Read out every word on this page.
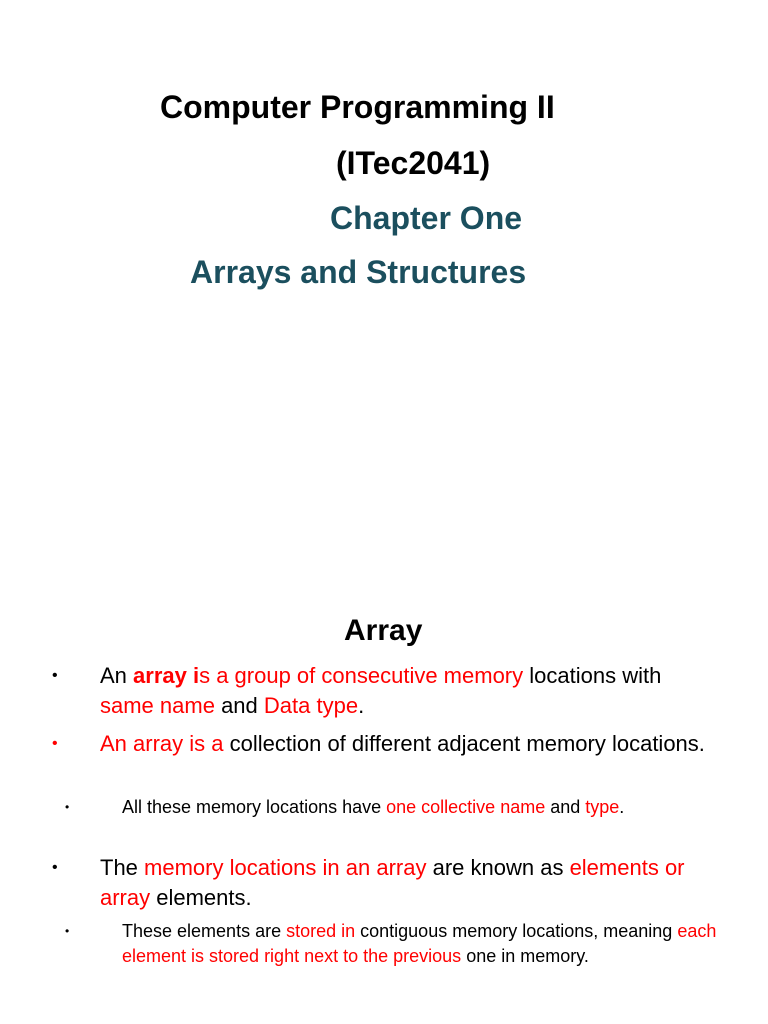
Computer Programming II
(ITec2041)
Chapter One
Arrays and Structures
Array
• An array is a group of consecutive memory locations with same name and Data type.
• An array is a collection of different adjacent memory locations.
•	All these memory locations have one collective name and type.
• The memory locations in an array are known as elements or array elements.
•	These elements are stored in contiguous memory locations, meaning each element is stored right next to the previous one in memory.
